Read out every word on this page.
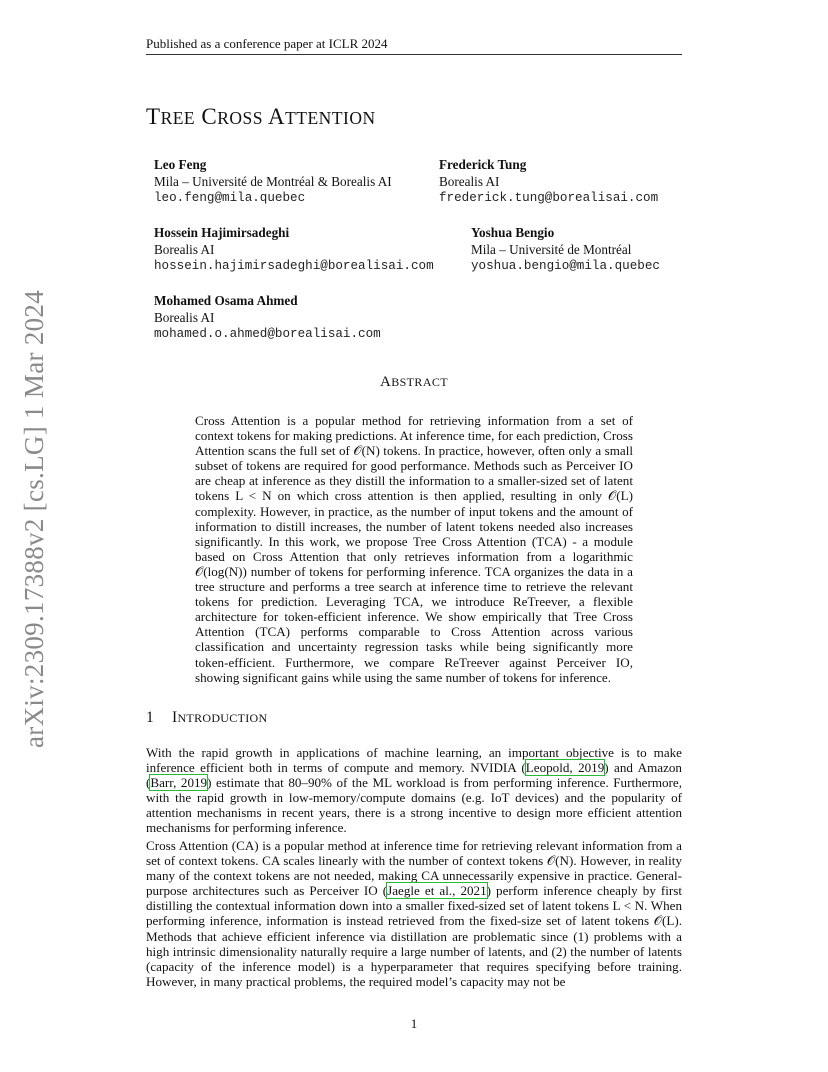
Published as a conference paper at ICLR 2024
arXiv:2309.17388v2 [cs.LG] 1 Mar 2024
TREE CROSS ATTENTION
Leo Feng
Mila – Université de Montréal & Borealis AI
leo.feng@mila.quebec
Frederick Tung
Borealis AI
frederick.tung@borealisai.com
Hossein Hajimirsadeghi
Borealis AI
hossein.hajimirsadeghi@borealisai.com
Yoshua Bengio
Mila – Université de Montréal
yoshua.bengio@mila.quebec
Mohamed Osama Ahmed
Borealis AI
mohamed.o.ahmed@borealisai.com
ABSTRACT
Cross Attention is a popular method for retrieving information from a set of context tokens for making predictions. At inference time, for each prediction, Cross Attention scans the full set of 𝒪(N) tokens. In practice, however, often only a small subset of tokens are required for good performance. Methods such as Perceiver IO are cheap at inference as they distill the information to a smaller-sized set of latent tokens L < N on which cross attention is then applied, resulting in only 𝒪(L) complexity. However, in practice, as the number of input tokens and the amount of information to distill increases, the number of latent tokens needed also increases significantly. In this work, we propose Tree Cross Attention (TCA) - a module based on Cross Attention that only retrieves information from a logarithmic 𝒪(log(N)) number of tokens for performing inference. TCA organizes the data in a tree structure and performs a tree search at inference time to retrieve the relevant tokens for prediction. Leveraging TCA, we introduce ReTreever, a flexible architecture for token-efficient inference. We show empirically that Tree Cross Attention (TCA) performs comparable to Cross Attention across various classification and uncertainty regression tasks while being significantly more token-efficient. Furthermore, we compare ReTreever against Perceiver IO, showing significant gains while using the same number of tokens for inference.
1 INTRODUCTION
With the rapid growth in applications of machine learning, an important objective is to make inference efficient both in terms of compute and memory. NVIDIA (Leopold, 2019) and Amazon (Barr, 2019) estimate that 80–90% of the ML workload is from performing inference. Furthermore, with the rapid growth in low-memory/compute domains (e.g. IoT devices) and the popularity of attention mechanisms in recent years, there is a strong incentive to design more efficient attention mechanisms for performing inference.
Cross Attention (CA) is a popular method at inference time for retrieving relevant information from a set of context tokens. CA scales linearly with the number of context tokens 𝒪(N). However, in reality many of the context tokens are not needed, making CA unnecessarily expensive in practice. General-purpose architectures such as Perceiver IO (Jaegle et al., 2021) perform inference cheaply by first distilling the contextual information down into a smaller fixed-sized set of latent tokens L < N. When performing inference, information is instead retrieved from the fixed-size set of latent tokens 𝒪(L). Methods that achieve efficient inference via distillation are problematic since (1) problems with a high intrinsic dimensionality naturally require a large number of latents, and (2) the number of latents (capacity of the inference model) is a hyperparameter that requires specifying before training. However, in many practical problems, the required model’s capacity may not be
1
